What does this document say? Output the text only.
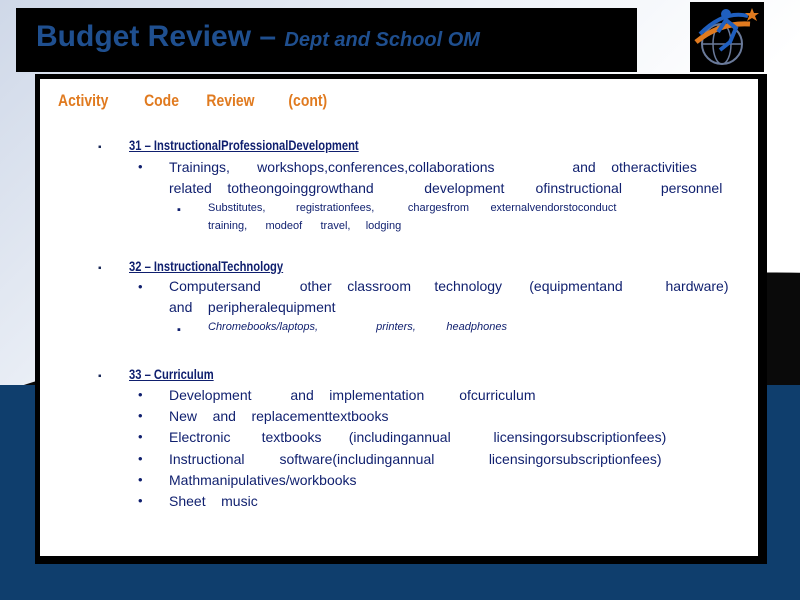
Budget Review – Dept and School OM
Activity Code Review (cont)
▪ 31 – InstructionalProfessionalDevelopment
• Trainings,       workshops,conferences,collaborations                    and    otheractivities
related    totheongoinggrowthand             development        ofinstructional          personnel
▪ Substitutes,          registrationfees,           chargesfrom       externalvendorstoconduct
training,      modeof      travel,     lodging
▪ 32 – InstructionalTechnology
• Computersand          other    classroom      technology       (equipmentand           hardware)
and    peripheralequipment
▪ Chromebooks/laptops,                   printers,          headphones
▪ 33 – Curriculum
• Development          and    implementation         ofcurriculum
• New    and    replacementtextbooks
• Electronic        textbooks       (includingannual           licensingorsubscriptionfees)
• Instructional         software(includingannual              licensingorsubscriptionfees)
• Mathmanipulatives/workbooks
• Sheet    music
